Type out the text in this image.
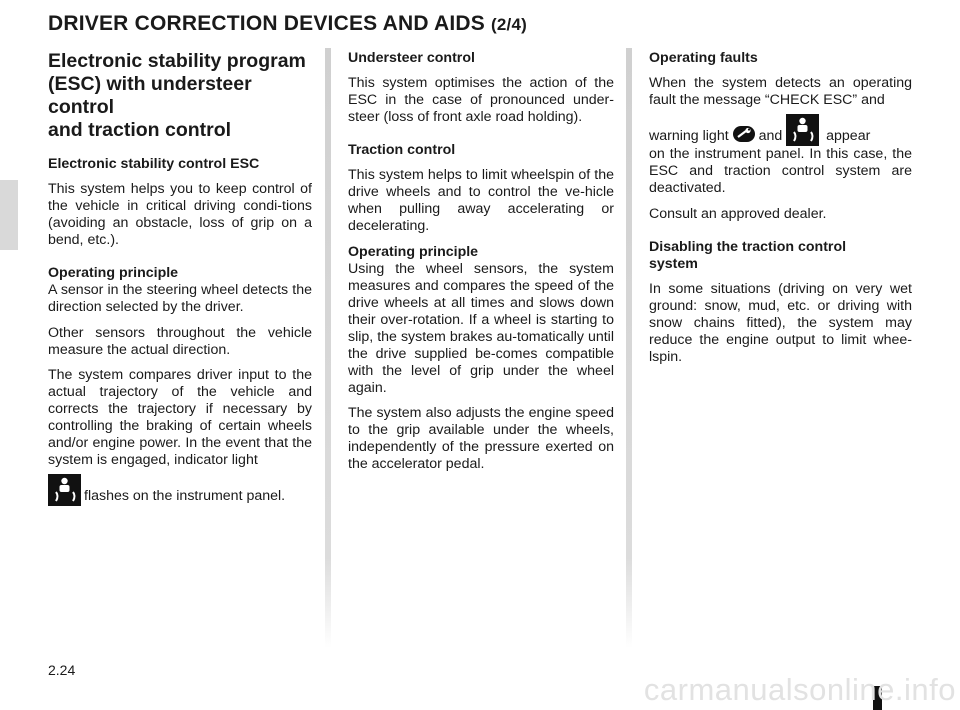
DRIVER CORRECTION DEVICES AND AIDS (2/4)
Electronic stability program
(ESC) with understeer control
and traction control
Electronic stability control ESC

This system helps you to keep control of the vehicle in critical driving condi-tions (avoiding an obstacle, loss of grip on a bend, etc.).

Operating principle

A sensor in the steering wheel detects the direction selected by the driver.

Other sensors throughout the vehicle measure the actual direction.

The system compares driver input to the actual trajectory of the vehicle and corrects the trajectory if necessary by controlling the braking of certain wheels and/or engine power. In the event that the system is engaged, indicator light

flashes on the instrument panel.

Understeer control

This system optimises the action of the ESC in the case of pronounced under-steer (loss of front axle road holding).

Traction control

This system helps to limit wheelspin of the drive wheels and to control the ve-hicle when pulling away accelerating or decelerating.

Operating principle

Using the wheel sensors, the system measures and compares the speed of the drive wheels at all times and slows down their over-rotation. If a wheel is starting to slip, the system brakes au-tomatically until the drive supplied be-comes compatible with the level of grip under the wheel again.

The system also adjusts the engine speed to the grip available under the wheels, independently of the pressure exerted on the accelerator pedal.

Operating faults

When the system detects an operating fault the message “CHECK ESC” and

warning light and	appear

on the instrument panel. In this case, the ESC and traction control system are deactivated.

Consult an approved dealer.

Disabling the traction control
system

In some situations (driving on very wet ground: snow, mud, etc. or driving with snow chains fitted), the system may reduce the engine output to limit whee-lspin.

2.24
carmanualsonline.info
